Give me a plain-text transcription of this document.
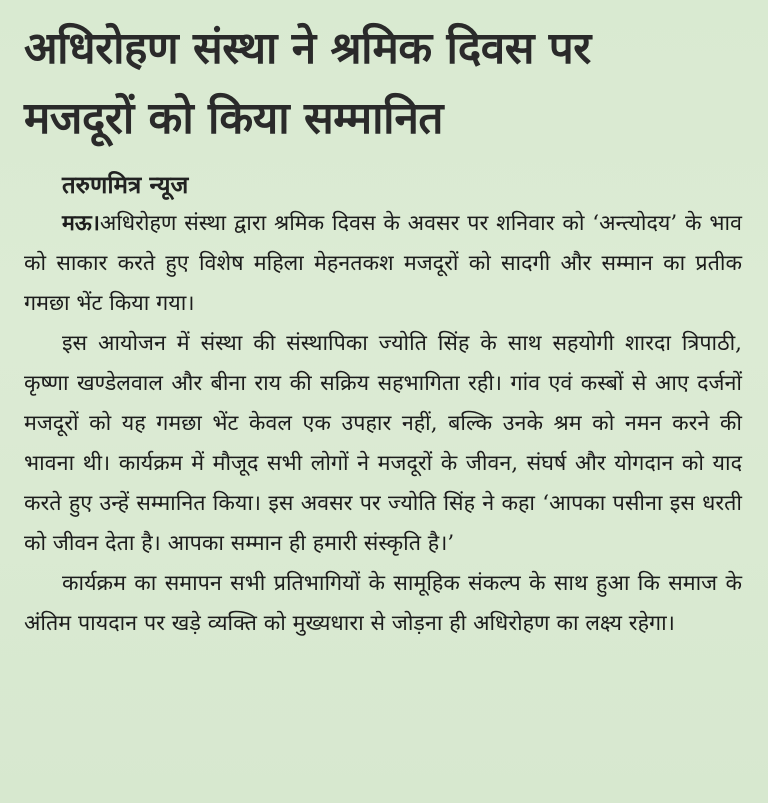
अधिरोहण संस्था ने श्रमिक दिवस पर
मजदूरों को किया सम्मानित
तरुणमित्र न्यूज

मऊ।अधिरोहण संस्था द्वारा श्रमिक दिवस के अवसर पर शनिवार को ‘अन्त्योदय’ के भाव को साकार करते हुए विशेष महिला मेहनतकश मजदूरों को सादगी और सम्मान का प्रतीक गमछा भेंट किया गया।

इस आयोजन में संस्था की संस्थापिका ज्योति सिंह के साथ सहयोगी शारदा त्रिपाठी, कृष्णा खण्डेलवाल और बीना राय की सक्रिय सहभागिता रही। गांव एवं कस्बों से आए दर्जनों मजदूरों को यह गमछा भेंट केवल एक उपहार नहीं, बल्कि उनके श्रम को नमन करने की भावना थी। कार्यक्रम में मौजूद सभी लोगों ने मजदूरों के जीवन, संघर्ष और योगदान को याद करते हुए उन्हें सम्मानित किया। इस अवसर पर ज्योति सिंह ने कहा ‘आपका पसीना इस धरती को जीवन देता है। आपका सम्मान ही हमारी संस्कृति है।’

कार्यक्रम का समापन सभी प्रतिभागियों के सामूहिक संकल्प के साथ हुआ कि समाज के अंतिम पायदान पर खड़े व्यक्ति को मुख्यधारा से जोड़ना ही अधिरोहण का लक्ष्य रहेगा।
